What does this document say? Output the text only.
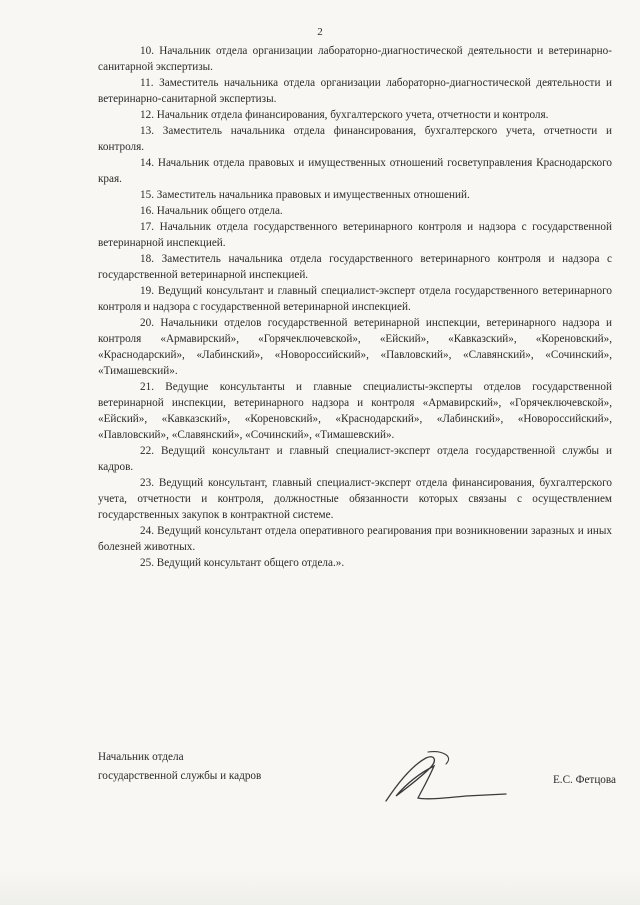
2

10. Начальник отдела организации лабораторно-диагностической деятельности и ветеринарно-санитарной экспертизы.

11. Заместитель начальника отдела организации лабораторно-диагностической деятельности и ветеринарно-санитарной экспертизы.

12. Начальник отдела финансирования, бухгалтерского учета, отчетности и контроля.

13. Заместитель начальника отдела финансирования, бухгалтерского учета, отчетности и контроля.

14. Начальник отдела правовых и имущественных отношений госветуправления Краснодарского края.

15. Заместитель начальника правовых и имущественных отношений.

16. Начальник общего отдела.

17. Начальник отдела государственного ветеринарного контроля и надзора с государственной ветеринарной инспекцией.

18. Заместитель начальника отдела государственного ветеринарного контроля и надзора с государственной ветеринарной инспекцией.

19. Ведущий консультант и главный специалист-эксперт отдела государственного ветеринарного контроля и надзора с государственной ветеринарной инспекцией.

20. Начальники отделов государственной ветеринарной инспекции, ветеринарного надзора и контроля «Армавирский», «Горячеключевской», «Ейский», «Кавказский», «Кореновский», «Краснодарский», «Лабинский», «Новороссийский», «Павловский», «Славянский», «Сочинский», «Тимашевский».

21. Ведущие консультанты и главные специалисты-эксперты отделов государственной ветеринарной инспекции, ветеринарного надзора и контроля «Армавирский», «Горячеключевской», «Ейский», «Кавказский», «Кореновский», «Краснодарский», «Лабинский», «Новороссийский», «Павловский», «Славянский», «Сочинский», «Тимашевский».

22. Ведущий консультант и главный специалист-эксперт отдела государственной службы и кадров.

23. Ведущий консультант, главный специалист-эксперт отдела финансирования, бухгалтерского учета, отчетности и контроля, должностные обязанности которых связаны с осуществлением государственных закупок в контрактной системе.

24. Ведущий консультант отдела оперативного реагирования при возникновении заразных и иных болезней животных.

25. Ведущий консультант общего отдела.».

Начальник отдела
государственной службы и кадров	Е.С. Фетцова
